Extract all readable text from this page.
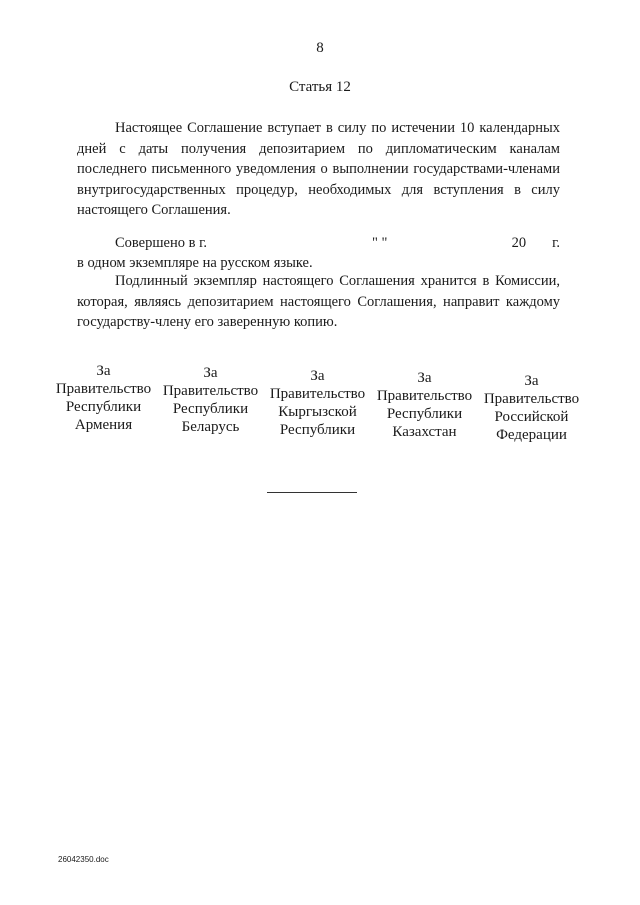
8
Статья 12

Настоящее Соглашение вступает в силу по истечении 10 календарных дней с даты получения депозитарием по дипломатическим каналам последнего письменного уведомления о выполнении государствами-членами внутригосударственных процедур, необходимых для вступления в силу настоящего Соглашения.

Совершено в г.	" "	20 г.
в одном экземпляре на русском языке.

Подлинный экземпляр настоящего Соглашения хранится в Комиссии, которая, являясь депозитарием настоящего Соглашения, направит каждому государству-члену его заверенную копию.

За
Правительство
Республики
Армения
За
Правительство
Республики
Беларусь
За
Правительство
Кыргызской
Республики
За
Правительство
Республики
Казахстан
За
Правительство
Российской
Федерации
26042350.doc
